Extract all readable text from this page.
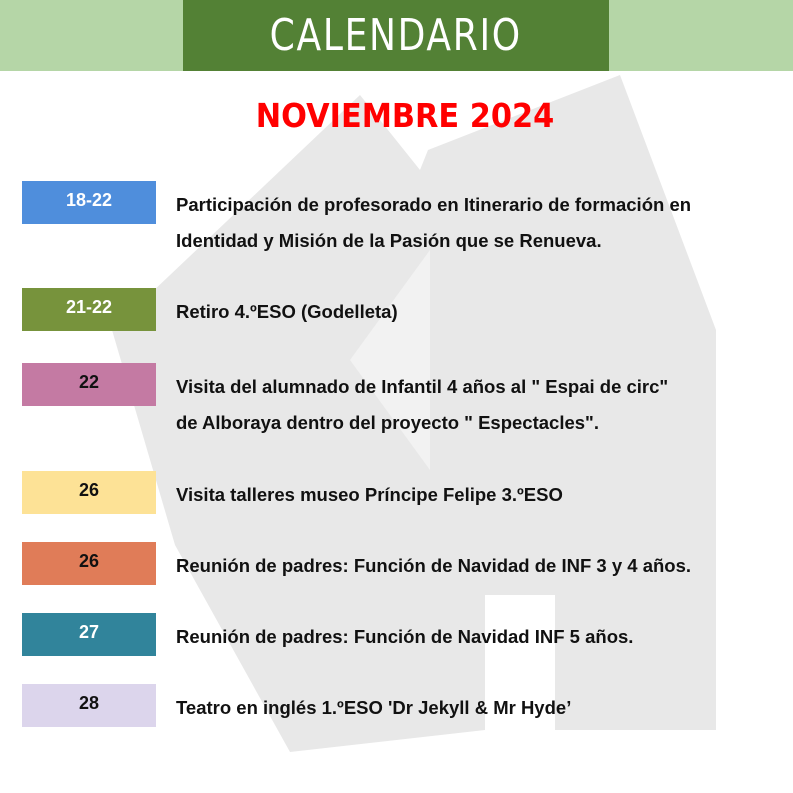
CALENDARIO
NOVIEMBRE 2024
18-22	Participación de profesorado en Itinerario de formación en
Identidad y Misión de la Pasión que se Renueva.
21-22	Retiro 4.ºESO (Godelleta)
22	Visita del alumnado de Infantil 4 años al " Espai de circ"
de Alboraya dentro del proyecto " Espectacles".
26	Visita talleres museo Príncipe Felipe 3.ºESO
26	Reunión de padres: Función de Navidad de INF 3 y 4 años.
27	Reunión de padres: Función de Navidad INF 5 años.
28	Teatro en inglés 1.ºESO 'Dr Jekyll & Mr Hyde’
